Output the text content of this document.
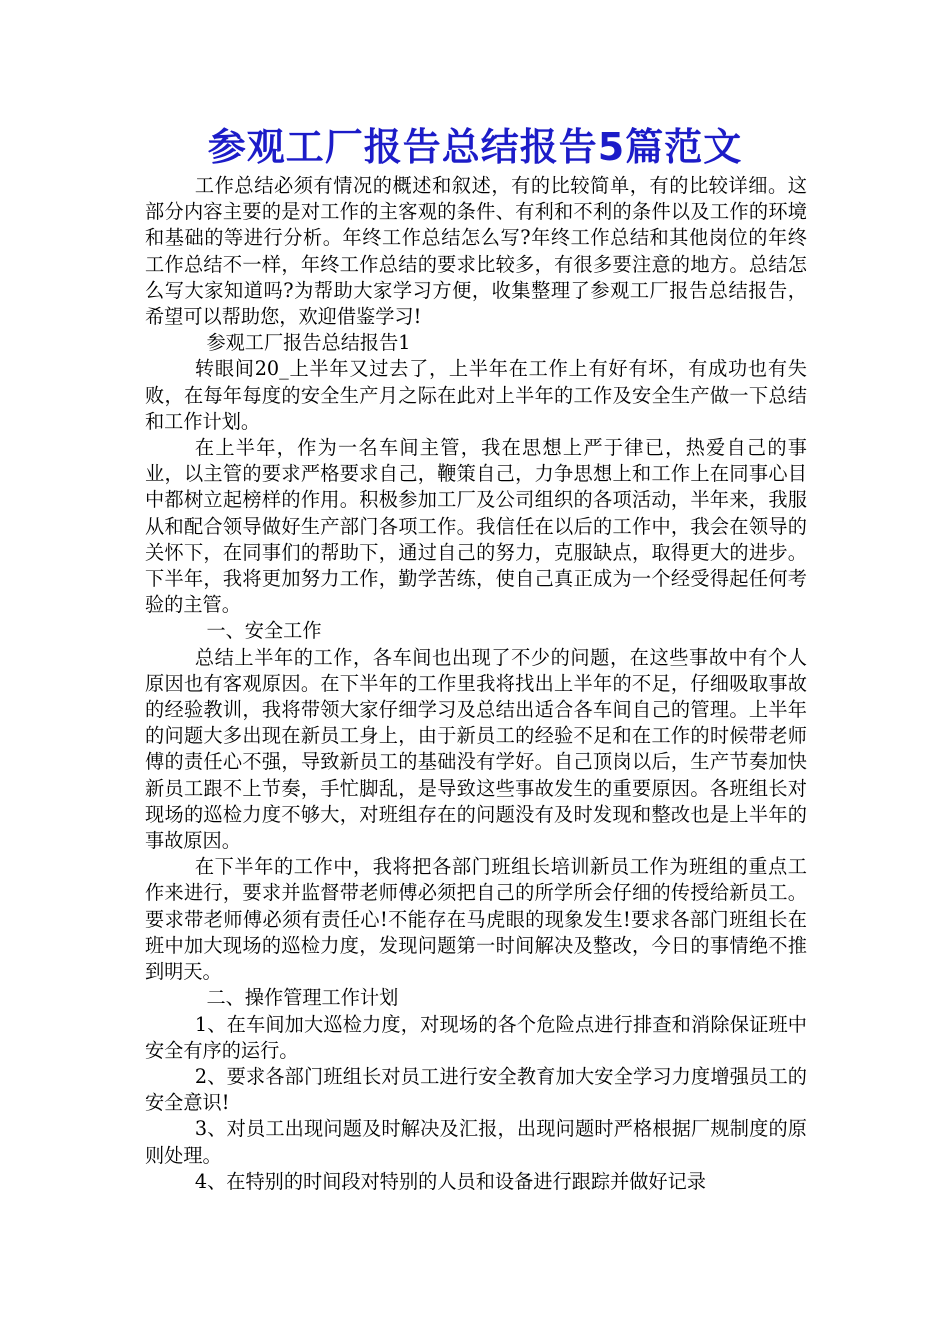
参观工厂报告总结报告5篇范文

工作总结必须有情况的概述和叙述，有的比较简单，有的比较详细。这部分内容主要的是对工作的主客观的条件、有利和不利的条件以及工作的环境和基础的等进行分析。年终工作总结怎么写?年终工作总结和其他岗位的年终工作总结不一样，年终工作总结的要求比较多，有很多要注意的地方。总结怎么写大家知道吗?为帮助大家学习方便，收集整理了参观工厂报告总结报告，希望可以帮助您，欢迎借鉴学习!

参观工厂报告总结报告1

转眼间20_上半年又过去了，上半年在工作上有好有坏，有成功也有失败，在每年每度的安全生产月之际在此对上半年的工作及安全生产做一下总结和工作计划。

在上半年，作为一名车间主管，我在思想上严于律已，热爱自己的事业，以主管的要求严格要求自己，鞭策自己，力争思想上和工作上在同事心目中都树立起榜样的作用。积极参加工厂及公司组织的各项活动，半年来，我服从和配合领导做好生产部门各项工作。我信任在以后的工作中，我会在领导的关怀下，在同事们的帮助下，通过自己的努力，克服缺点，取得更大的进步。下半年，我将更加努力工作，勤学苦练，使自己真正成为一个经受得起任何考验的主管。

一、安全工作

总结上半年的工作，各车间也出现了不少的问题，在这些事故中有个人原因也有客观原因。在下半年的工作里我将找出上半年的不足，仔细吸取事故的经验教训，我将带领大家仔细学习及总结出适合各车间自己的管理。上半年的问题大多出现在新员工身上，由于新员工的经验不足和在工作的时候带老师傅的责任心不强，导致新员工的基础没有学好。自己顶岗以后，生产节奏加快新员工跟不上节奏，手忙脚乱，是导致这些事故发生的重要原因。各班组长对现场的巡检力度不够大，对班组存在的问题没有及时发现和整改也是上半年的事故原因。

在下半年的工作中，我将把各部门班组长培训新员工作为班组的重点工作来进行，要求并监督带老师傅必须把自己的所学所会仔细的传授给新员工。要求带老师傅必须有责任心!不能存在马虎眼的现象发生!要求各部门班组长在班中加大现场的巡检力度，发现问题第一时间解决及整改，今日的事情绝不推到明天。

二、操作管理工作计划

1、在车间加大巡检力度，对现场的各个危险点进行排查和消除保证班中安全有序的运行。

2、要求各部门班组长对员工进行安全教育加大安全学习力度增强员工的安全意识!

3、对员工出现问题及时解决及汇报，出现问题时严格根据厂规制度的原则处理。

4、在特别的时间段对特别的人员和设备进行跟踪并做好记录
